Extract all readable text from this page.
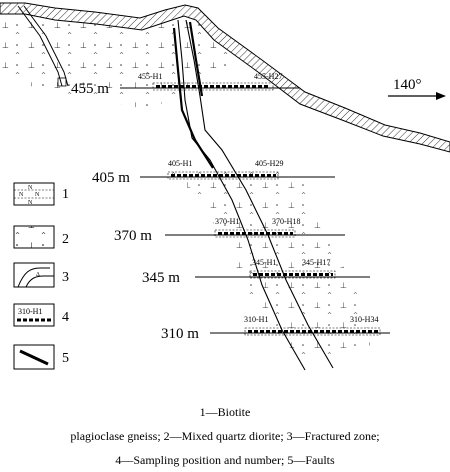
455 m
455-H1	455-H27
405 m
405-H1	405-H29
370 m
370-H1	370-H18
345 m
345-H1	345-H17
310 m
310-H1	310-H34
140°
N
N N
N
1
2
Δ 3
310-H1 4
5
1—Biotite
plagioclase gneiss; 2—Mixed quartz diorite; 3—Fractured zone;
4—Sampling position and number; 5—Faults
